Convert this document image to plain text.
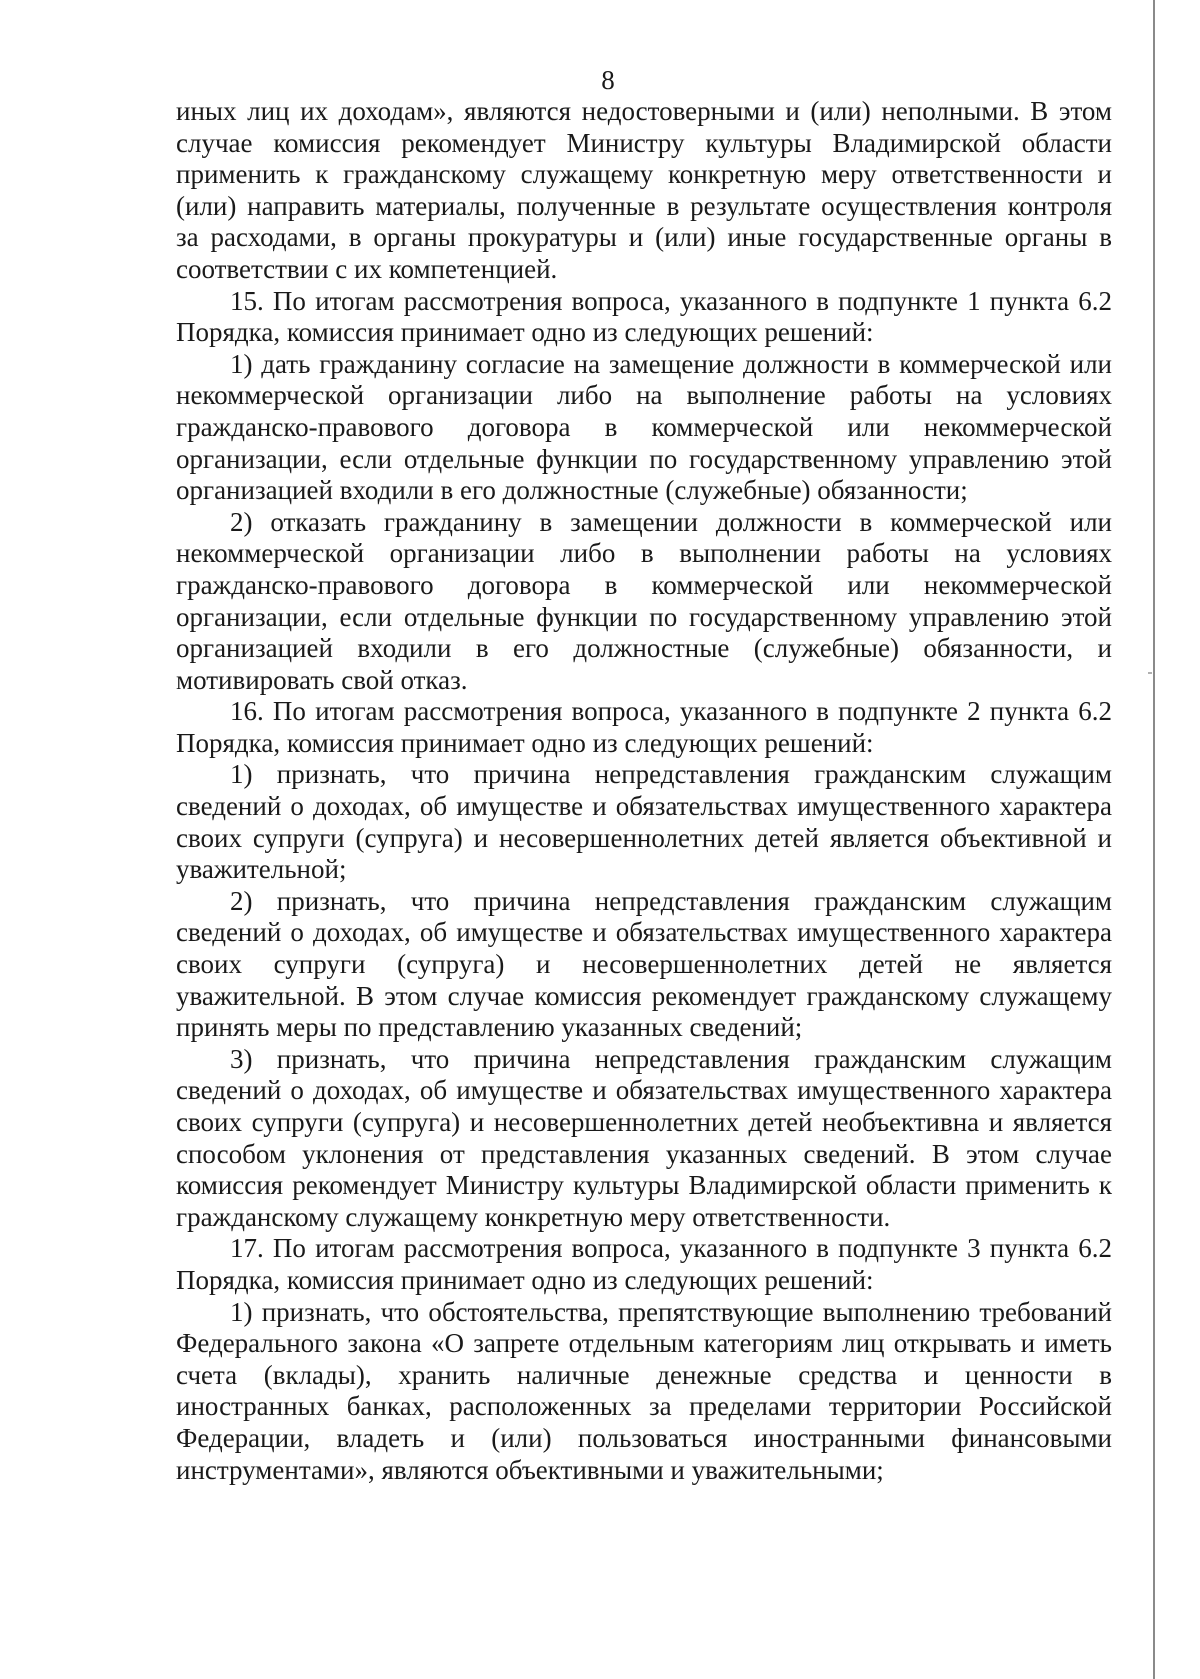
8

иных лиц их доходам», являются недостоверными и (или) неполными. В этом случае комиссия рекомендует Министру культуры Владимирской области применить к гражданскому служащему конкретную меру ответственности и (или) направить материалы, полученные в результате осуществления контроля за расходами, в органы прокуратуры и (или) иные государственные органы в соответствии с их компетенцией.

15. По итогам рассмотрения вопроса, указанного в подпункте 1 пункта 6.2 Порядка, комиссия принимает одно из следующих решений:

1) дать гражданину согласие на замещение должности в коммерческой или некоммерческой организации либо на выполнение работы на условиях гражданско-правового договора в коммерческой или некоммерческой организации, если отдельные функции по государственному управлению этой организацией входили в его должностные (служебные) обязанности;

2) отказать гражданину в замещении должности в коммерческой или некоммерческой организации либо в выполнении работы на условиях гражданско-правового договора в коммерческой или некоммерческой организации, если отдельные функции по государственному управлению этой организацией входили в его должностные (служебные) обязанности, и мотивировать свой отказ.

16. По итогам рассмотрения вопроса, указанного в подпункте 2 пункта 6.2 Порядка, комиссия принимает одно из следующих решений:

1) признать, что причина непредставления гражданским служащим сведений о доходах, об имуществе и обязательствах имущественного характера своих супруги (супруга) и несовершеннолетних детей является объективной и уважительной;

2) признать, что причина непредставления гражданским служащим сведений о доходах, об имуществе и обязательствах имущественного характера своих супруги (супруга) и несовершеннолетних детей не является уважительной. В этом случае комиссия рекомендует гражданскому служащему принять меры по представлению указанных сведений;

3) признать, что причина непредставления гражданским служащим сведений о доходах, об имуществе и обязательствах имущественного характера своих супруги (супруга) и несовершеннолетних детей необъективна и является способом уклонения от представления указанных сведений. В этом случае комиссия рекомендует Министру культуры Владимирской области применить к гражданскому служащему конкретную меру ответственности.

17. По итогам рассмотрения вопроса, указанного в подпункте 3 пункта 6.2 Порядка, комиссия принимает одно из следующих решений:

1) признать, что обстоятельства, препятствующие выполнению требований Федерального закона «О запрете отдельным категориям лиц открывать и иметь счета (вклады), хранить наличные денежные средства и ценности в иностранных банках, расположенных за пределами территории Российской Федерации, владеть и (или) пользоваться иностранными финансовыми инструментами», являются объективными и уважительными;
